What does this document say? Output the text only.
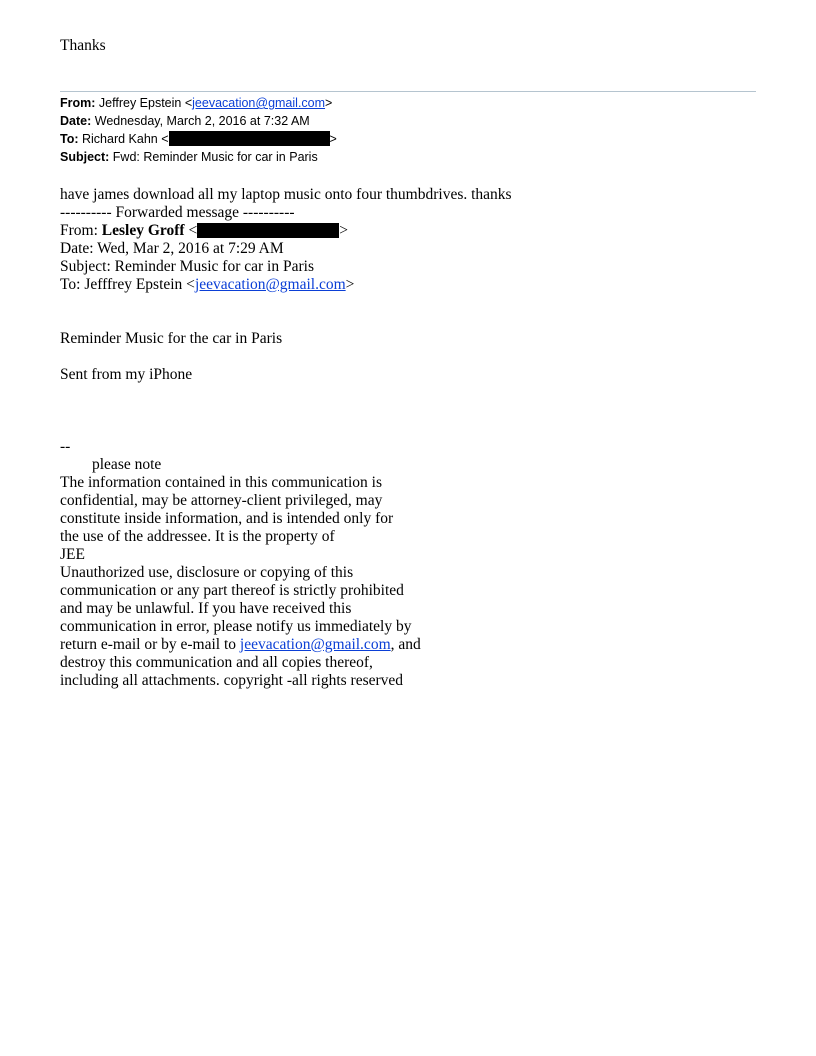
Thanks
From: Jeffrey Epstein <jeevacation@gmail.com>
Date: Wednesday, March 2, 2016 at 7:32 AM
To: Richard Kahn <	>
Subject: Fwd: Reminder Music for car in Paris
have james download all my laptop music onto four thumbdrives. thanks
---------- Forwarded message ----------
From: Lesley Groff <	>
Date: Wed, Mar 2, 2016 at 7:29 AM
Subject: Reminder Music for car in Paris
To: Jefffrey Epstein <jeevacation@gmail.com>
Reminder Music for the car in Paris
Sent from my iPhone
--
please note
The information contained in this communication is
confidential, may be attorney-client privileged, may
constitute inside information, and is intended only for
the use of the addressee. It is the property of
JEE
Unauthorized use, disclosure or copying of this
communication or any part thereof is strictly prohibited
and may be unlawful. If you have received this
communication in error, please notify us immediately by
return e-mail or by e-mail to jeevacation@gmail.com, and
destroy this communication and all copies thereof,
including all attachments. copyright -all rights reserved
